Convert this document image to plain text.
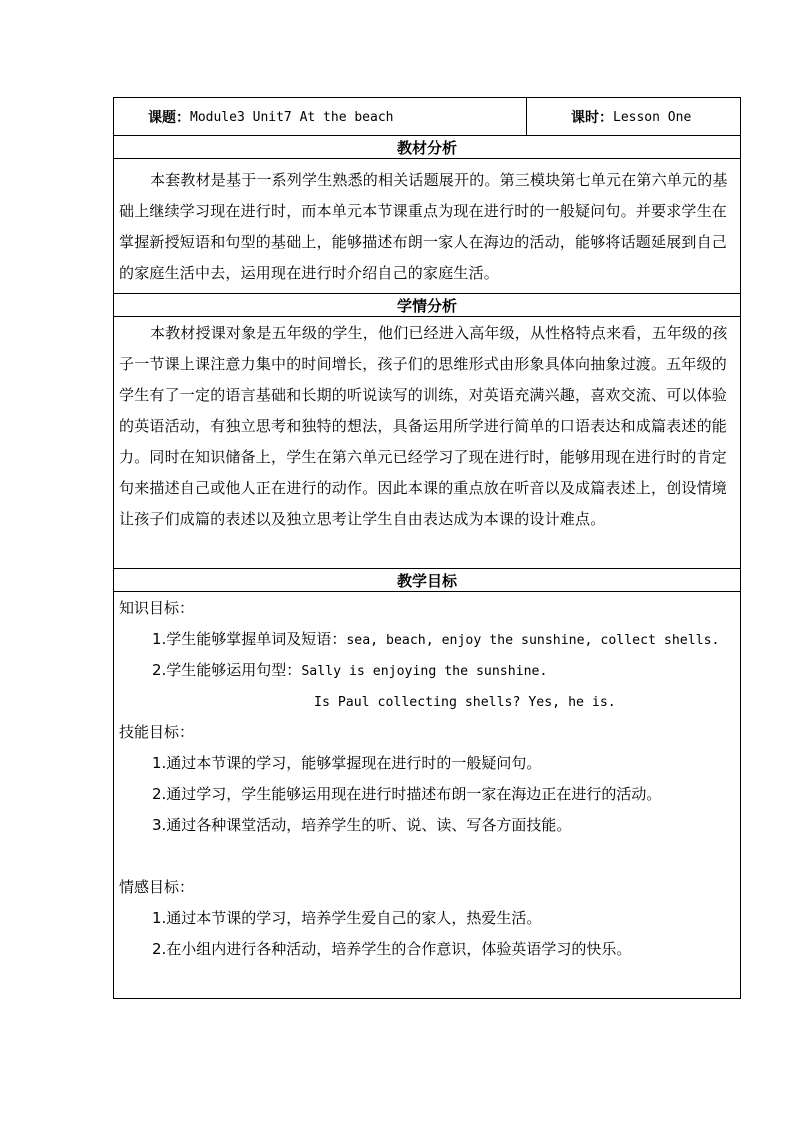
课题： Module3 Unit7 At the beach	课时： Lesson One
教材分析
本套教材是基于一系列学生熟悉的相关话题展开的。第三模块第七单元在第六单元的基础上继续学习现在进行时，而本单元本节课重点为现在进行时的一般疑问句。并要求学生在掌握新授短语和句型的基础上，能够描述布朗一家人在海边的活动，能够将话题延展到自己的家庭生活中去，运用现在进行时介绍自己的家庭生活。
学情分析
本教材授课对象是五年级的学生，他们已经进入高年级，从性格特点来看，五年级的孩子一节课上课注意力集中的时间增长，孩子们的思维形式由形象具体向抽象过渡。五年级的学生有了一定的语言基础和长期的听说读写的训练，对英语充满兴趣，喜欢交流、可以体验的英语活动，有独立思考和独特的想法，具备运用所学进行简单的口语表达和成篇表述的能力。同时在知识储备上，学生在第六单元已经学习了现在进行时，能够用现在进行时的肯定句来描述自己或他人正在进行的动作。因此本课的重点放在听音以及成篇表述上，创设情境让孩子们成篇的表述以及独立思考让学生自由表达成为本课的设计难点。
教学目标
知识目标：
1.学生能够掌握单词及短语：sea, beach, enjoy the sunshine, collect shells.
2.学生能够运用句型：Sally is enjoying the sunshine.
Is Paul collecting shells? Yes, he is.
技能目标：
1.通过本节课的学习，能够掌握现在进行时的一般疑问句。
2.通过学习，学生能够运用现在进行时描述布朗一家在海边正在进行的活动。
3.通过各种课堂活动，培养学生的听、说、读、写各方面技能。
情感目标：
1.通过本节课的学习，培养学生爱自己的家人，热爱生活。
2.在小组内进行各种活动，培养学生的合作意识，体验英语学习的快乐。
